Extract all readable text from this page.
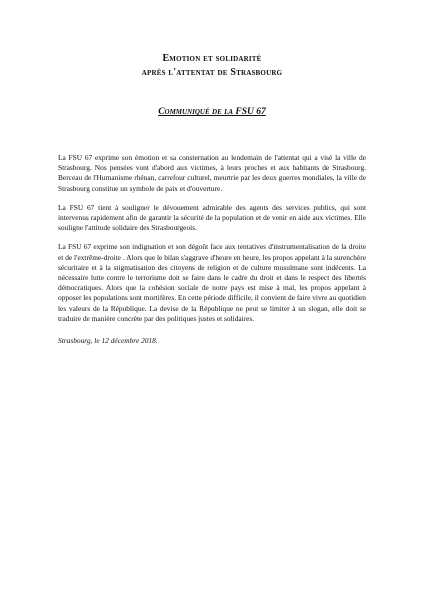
Emotion et solidarité
après l'attentat de Strasbourg
Communiqué de la FSU 67

La FSU 67 exprime son émotion et sa consternation au lendemain de l'attentat qui a visé la ville de Strasbourg. Nos pensées vont d'abord aux victimes, à leurs proches et aux habitants de Strasbourg. Berceau de l'Humanisme rhénan, carrefour culturel, meurtrie par les deux guerres mondiales, la ville de Strasbourg constitue un symbole de paix et d'ouverture.

La FSU 67 tient à souligner le dévouement admirable des agents des services publics, qui sont intervenus rapidement afin de garantir la sécurité de la population et de venir en aide aux victimes. Elle souligne l'attitude solidaire des Strasbourgeois.

La FSU 67 exprime son indignation et son dégoût face aux tentatives d'instrumentalisation de la droite et de l'extrême-droite . Alors que le bilan s'aggrave d'heure en heure, les propos appelant à la surenchère sécuritaire et à la stigmatisation des citoyens de religion et de culture musulmane sont indécents. La nécessaire lutte contre le terrorisme doit se faire dans le cadre du droit et dans le respect des libertés démocratiques. Alors que la cohésion sociale de notre pays est mise à mal, les propos appelant à opposer les populations sont mortifères. En cette période difficile, il convient de faire vivre au quotidien les valeurs de la République. La devise de la République ne peut se limiter à un slogan, elle doit se traduire de manière concrète par des politiques justes et solidaires.

Strasbourg, le 12 décembre 2018.
